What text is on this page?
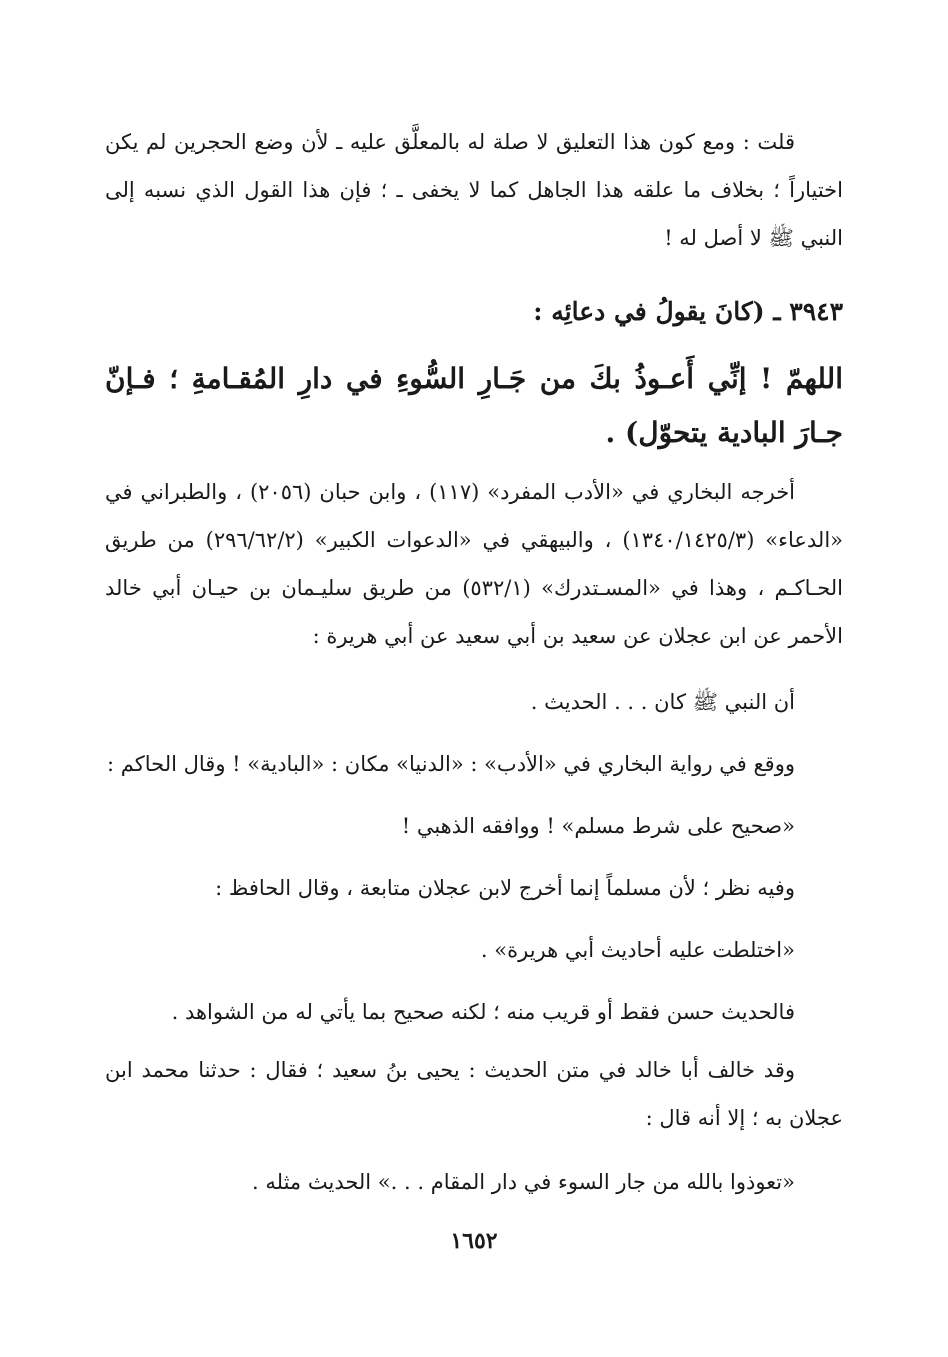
قلت : ومع كون هذا التعليق لا صلة له بالمعلَّق عليه ـ لأن وضع الحجرين لم يكن اختياراً ؛ بخلاف ما علقه هذا الجاهل كما لا يخفى ـ ؛ فإن هذا القول الذي نسبه إلى النبي ﷺ لا أصل له !

٣٩٤٣ ـ (كانَ يقولُ في دعائِه :
اللهمّ ! إنِّي أَعـوذُ بكَ من جَـارِ السُّوءِ في دارِ المُقـامةِ ؛ فـإنّ جـارَ البادية يتحوّل) .

أخرجه البخاري في «الأدب المفرد» (١١٧) ، وابن حبان (٢٠٥٦) ، والطبراني في «الدعاء» (١٣٤٠/١٤٢٥/٣) ، والبيهقي في «الدعوات الكبير» (٢٩٦/٦٢/٢) من طريق الحـاكـم ، وهذا في «المسـتدرك» (٥٣٢/١) من طريق سليـمان بن حيـان أبي خالد الأحمر عن ابن عجلان عن سعيد بن أبي سعيد عن أبي هريرة :

أن النبي ﷺ كان . . . الحديث .

ووقع في رواية البخاري في «الأدب» : «الدنيا» مكان : «البادية» ! وقال الحاكم :

«صحيح على شرط مسلم» ! ووافقه الذهبي !

وفيه نظر ؛ لأن مسلماً إنما أخرج لابن عجلان متابعة ، وقال الحافظ :

«اختلطت عليه أحاديث أبي هريرة» .

فالحديث حسن فقط أو قريب منه ؛ لكنه صحيح بما يأتي له من الشواهد .

وقد خالف أبا خالد في متن الحديث : يحيى بنُ سعيد ؛ فقال : حدثنا محمد ابن عجلان به ؛ إلا أنه قال :

«تعوذوا بالله من جار السوء في دار المقام . . .» الحديث مثله .

١٦٥٢
